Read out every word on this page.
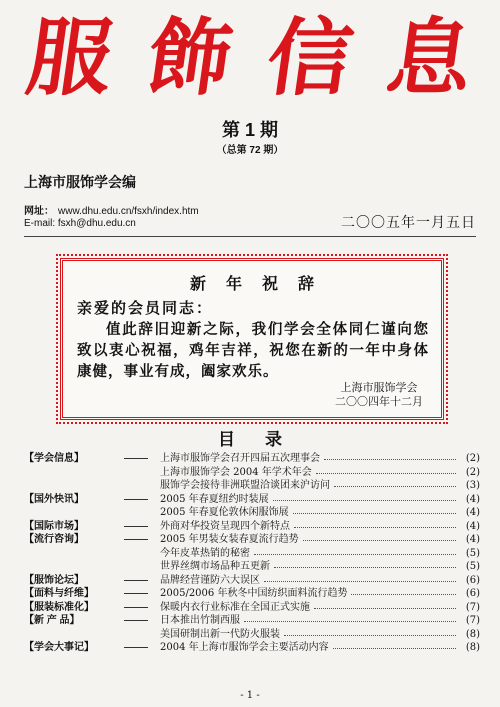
服 飾 信 息
第 1 期
（总第 72 期）
上海市服饰学会编
网址： www.dhu.edu.cn/fsxh/index.htm
E-mail: fsxh@dhu.edu.cn	二〇〇五年一月五日
新年祝辞
亲爱的会员同志：
值此辞旧迎新之际，我们学会全体同仁谨向您致以衷心祝福，鸡年吉祥，祝您在新的一年中身体康健，事业有成，阖家欢乐。
上海市服饰学会
二〇〇四年十二月
目 录
【学会信息】	上海市服饰学会召开四届五次理事会	(2)
上海市服饰学会 2004 年学术年会	(2)
服饰学会接待非洲联盟洽谈团来沪访问	(3)
【国外快讯】	2005 年春夏纽约时装展	(4)
2005 年春夏伦敦休闲服饰展	(4)
【国际市场】	外商对华投资呈现四个新特点	(4)
【流行咨询】	2005 年男装女装春夏流行趋势	(4)
今年皮革热销的秘密	(5)
世界丝绸市场品种五更新	(5)
【服饰论坛】	品牌经营谨防六大误区	(6)
【面料与纤维】	2005/2006 年秋冬中国纺织面料流行趋势	(6)
【服装标准化】	保暖内衣行业标准在全国正式实施	(7)
【新 产 品】	日本推出竹制西服	(7)
美国研制出新一代防火服装	(8)
【学会大事记】	2004 年上海市服饰学会主要活动内容	(8)
- 1 -
